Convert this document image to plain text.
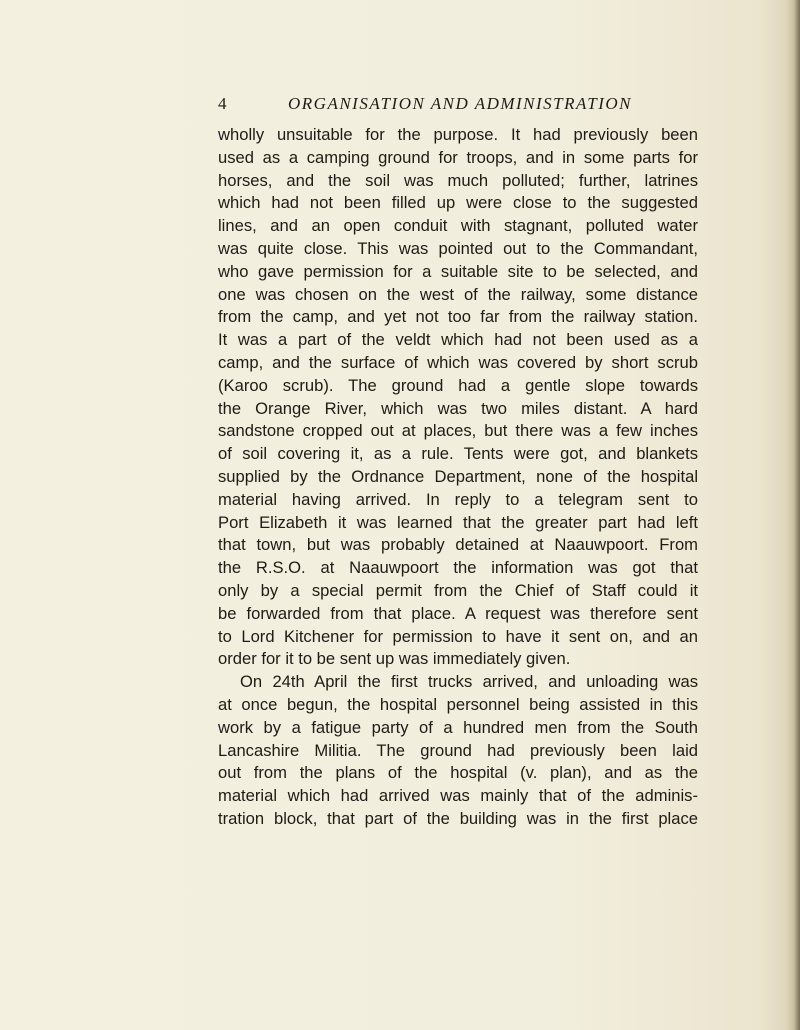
4	ORGANISATION AND ADMINISTRATION
wholly unsuitable for the purpose. It had previously been
used as a camping ground for troops, and in some parts for
horses, and the soil was much polluted; further, latrines
which had not been filled up were close to the suggested
lines, and an open conduit with stagnant, polluted water
was quite close. This was pointed out to the Commandant,
who gave permission for a suitable site to be selected, and
one was chosen on the west of the railway, some distance
from the camp, and yet not too far from the railway station.
It was a part of the veldt which had not been used as a
camp, and the surface of which was covered by short scrub
(Karoo scrub). The ground had a gentle slope towards
the Orange River, which was two miles distant. A hard
sandstone cropped out at places, but there was a few inches
of soil covering it, as a rule. Tents were got, and blankets
supplied by the Ordnance Department, none of the hospital
material having arrived. In reply to a telegram sent to
Port Elizabeth it was learned that the greater part had left
that town, but was probably detained at Naauwpoort. From
the R.S.O. at Naauwpoort the information was got that
only by a special permit from the Chief of Staff could it
be forwarded from that place. A request was therefore sent
to Lord Kitchener for permission to have it sent on, and an
order for it to be sent up was immediately given.
On 24th April the first trucks arrived, and unloading was
at once begun, the hospital personnel being assisted in this
work by a fatigue party of a hundred men from the South
Lancashire Militia. The ground had previously been laid
out from the plans of the hospital (v. plan), and as the
material which had arrived was mainly that of the adminis-
tration block, that part of the building was in the first place
